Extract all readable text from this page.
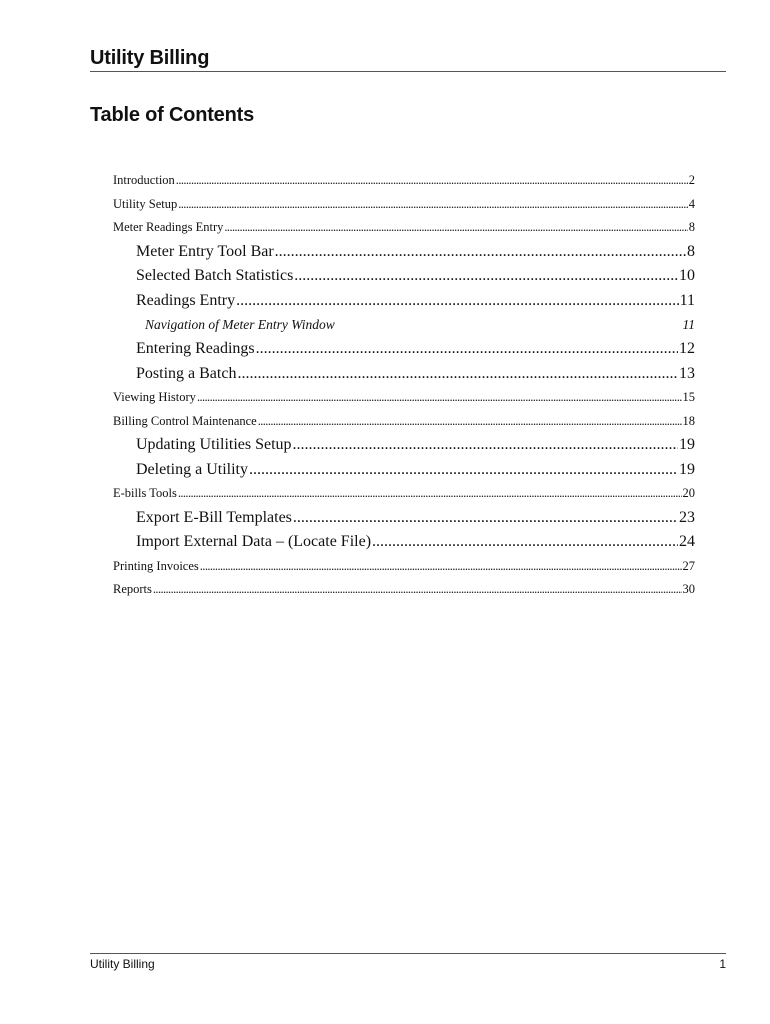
Utility Billing
Table of Contents
Introduction .....	2
Utility Setup .....	4
Meter Readings Entry .....	8
Meter Entry Tool Bar .....	8
Selected Batch Statistics .....	10
Readings Entry .....	11
Navigation of Meter Entry Window	11
Entering Readings .....	12
Posting a Batch .....	13
Viewing History .....	15
Billing Control Maintenance .....	18
Updating Utilities Setup .....	19
Deleting a Utility .....	19
E-bills Tools .....	20
Export E-Bill Templates .....	23
Import External Data – (Locate File) .....	24
Printing Invoices .....	27
Reports .....	30
Utility Billing	1
